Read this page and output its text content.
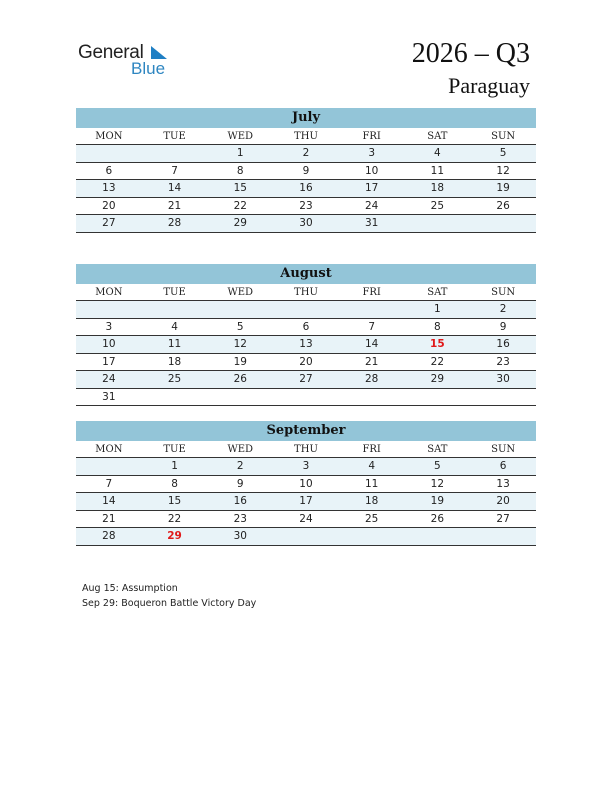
General
Blue	2026 – Q3
Paraguay
July
MON	TUE	WED	THU	FRI	SAT	SUN
		1	2	3	4	5
6	7	8	9	10	11	12
13	14	15	16	17	18	19
20	21	22	23	24	25	26
27	28	29	30	31		
August
MON	TUE	WED	THU	FRI	SAT	SUN
					1	2
3	4	5	6	7	8	9
10	11	12	13	14	15	16
17	18	19	20	21	22	23
24	25	26	27	28	29	30
31						
September
MON	TUE	WED	THU	FRI	SAT	SUN
	1	2	3	4	5	6
7	8	9	10	11	12	13
14	15	16	17	18	19	20
21	22	23	24	25	26	27
28	29	30				
Aug 15: Assumption
Sep 29: Boqueron Battle Victory Day
